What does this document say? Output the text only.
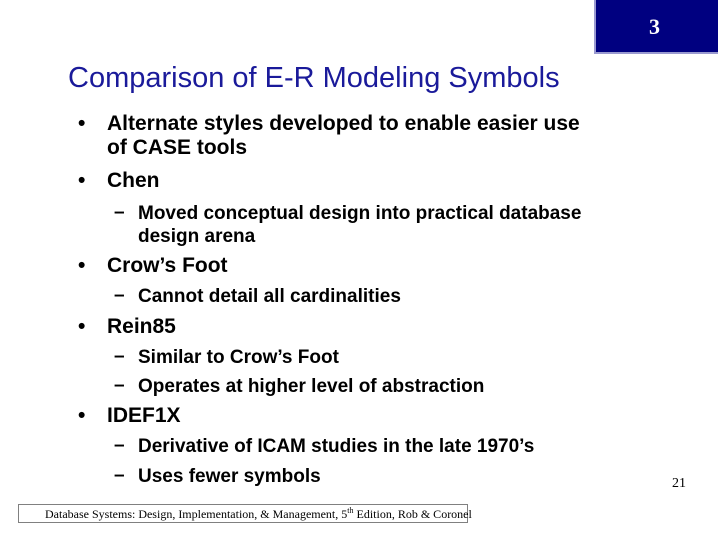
3
Comparison of E-R Modeling Symbols
• Alternate styles developed to enable easier use
of CASE tools
• Chen
– Moved conceptual design into practical database
design arena
• Crow’s Foot
– Cannot detail all cardinalities
• Rein85
– Similar to Crow’s Foot
– Operates at higher level of abstraction
• IDEF1X
– Derivative of ICAM studies in the late 1970’s
– Uses fewer symbols
Database Systems: Design, Implementation, & Management, 5th Edition, Rob & Coronel
21
